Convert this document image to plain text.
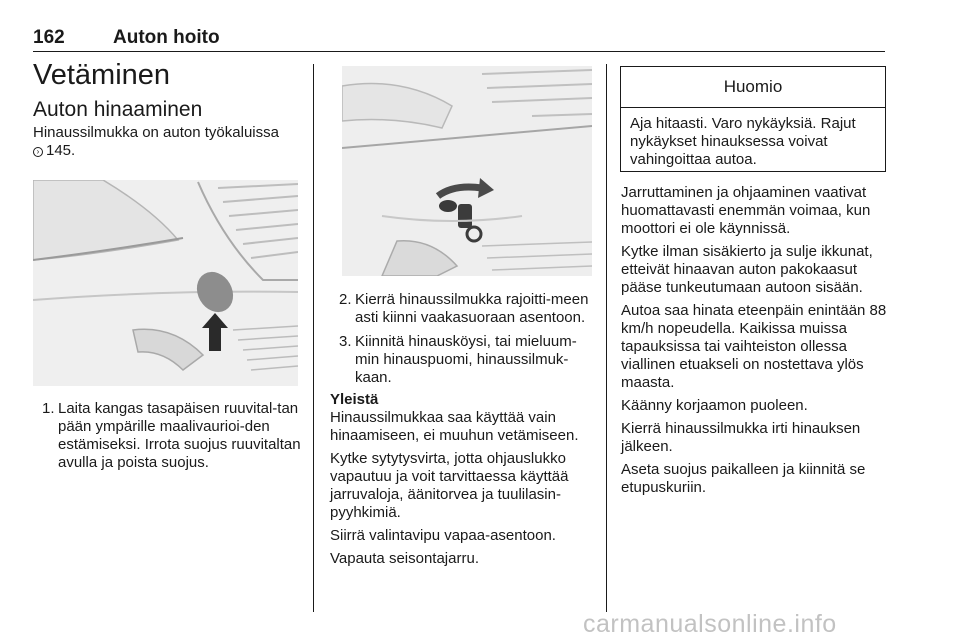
162	Auton hoito
Vetäminen
Auton hinaaminen

Hinaussilmukka on auton työkaluissa
› 145.

1. Laita kangas tasapäisen ruuvital-tan pään ympärille maalivaurioi-den estämiseksi. Irrota suojus ruuvitaltan avulla ja poista suojus.
2. Kierrä hinaussilmukka rajoitti-meen asti kiinni vaakasuoraan asentoon.
3. Kiinnitä hinausköysi, tai mieluum-min hinauspuomi, hinaussilmuk-kaan.

Yleistä

Hinaussilmukkaa saa käyttää vain hinaamiseen, ei muuhun vetämiseen.

Kytke sytytysvirta, jotta ohjauslukko vapautuu ja voit tarvittaessa käyttää jarruvaloja, äänitorvea ja tuulilasin-pyyhkimiä.

Siirrä valintavipu vapaa-asentoon.

Vapauta seisontajarru.

Huomio
Aja hitaasti. Varo nykäyksiä. Rajut nykäykset hinauksessa voivat vahingoittaa autoa.

Jarruttaminen ja ohjaaminen vaativat huomattavasti enemmän voimaa, kun moottori ei ole käynnissä.

Kytke ilman sisäkierto ja sulje ikkunat, etteivät hinaavan auton pakokaasut pääse tunkeutumaan autoon sisään.

Autoa saa hinata eteenpäin enintään 88 km/h nopeudella. Kaikissa muissa tapauksissa tai vaihteiston ollessa viallinen etuakseli on nostettava ylös maasta.

Käänny korjaamon puoleen.

Kierrä hinaussilmukka irti hinauksen jälkeen.

Aseta suojus paikalleen ja kiinnitä se etupuskuriin.

carmanualsonline.info
